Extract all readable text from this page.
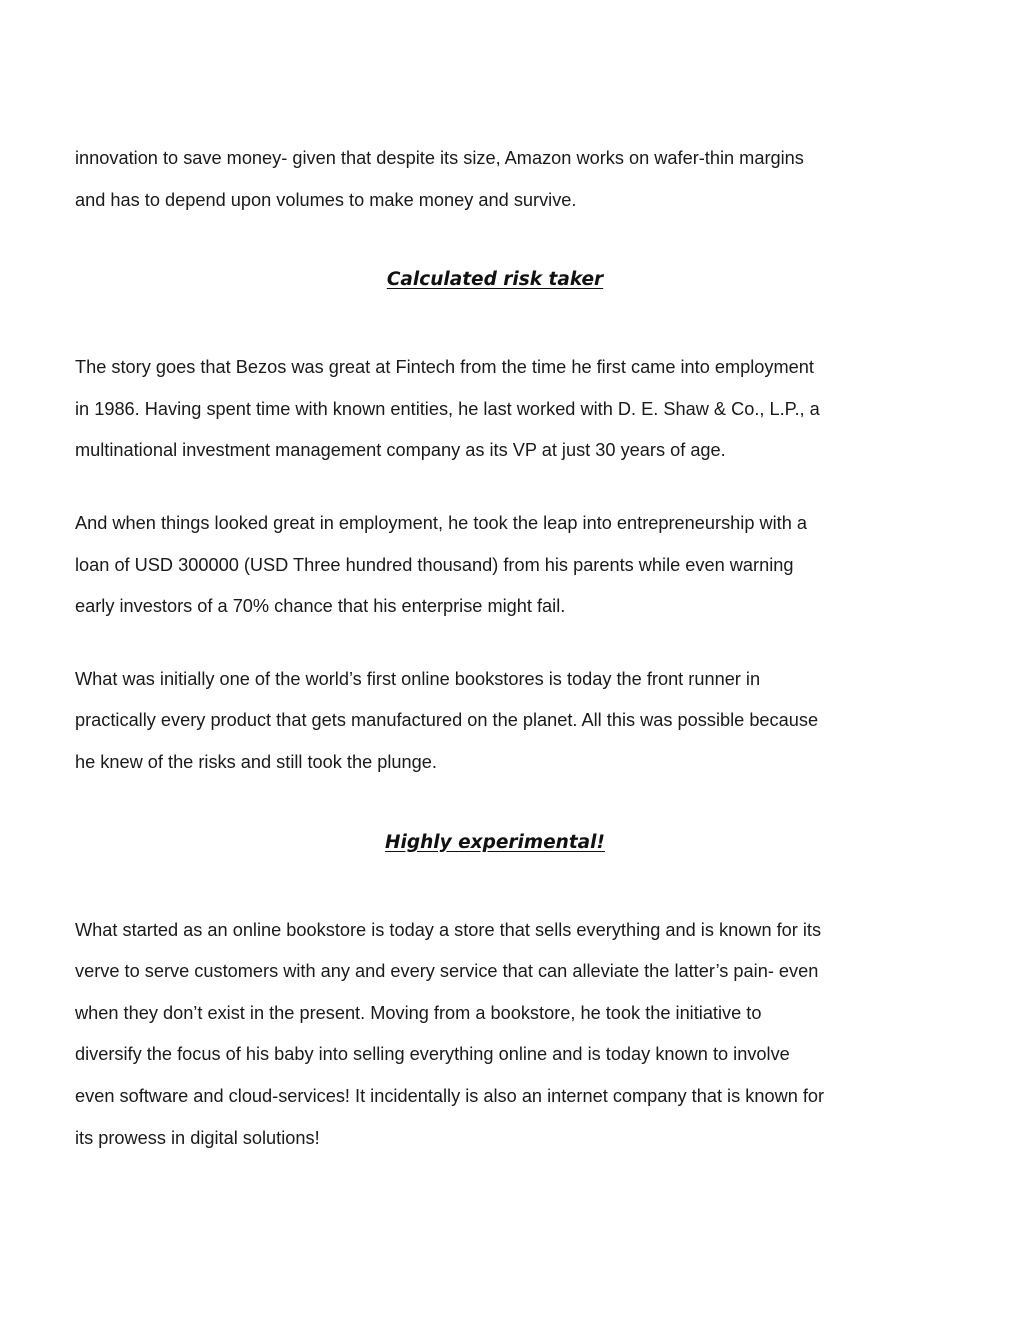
innovation to save money- given that despite its size, Amazon works on wafer-thin margins
and has to depend upon volumes to make money and survive.

Calculated risk taker

The story goes that Bezos was great at Fintech from the time he first came into employment
in 1986. Having spent time with known entities, he last worked with D. E. Shaw & Co., L.P., a
multinational investment management company as its VP at just 30 years of age.

And when things looked great in employment, he took the leap into entrepreneurship with a
loan of USD 300000 (USD Three hundred thousand) from his parents while even warning
early investors of a 70% chance that his enterprise might fail.

What was initially one of the world’s first online bookstores is today the front runner in
practically every product that gets manufactured on the planet. All this was possible because
he knew of the risks and still took the plunge.

Highly experimental!

What started as an online bookstore is today a store that sells everything and is known for its
verve to serve customers with any and every service that can alleviate the latter’s pain- even
when they don’t exist in the present. Moving from a bookstore, he took the initiative to
diversify the focus of his baby into selling everything online and is today known to involve
even software and cloud-services! It incidentally is also an internet company that is known for
its prowess in digital solutions!
